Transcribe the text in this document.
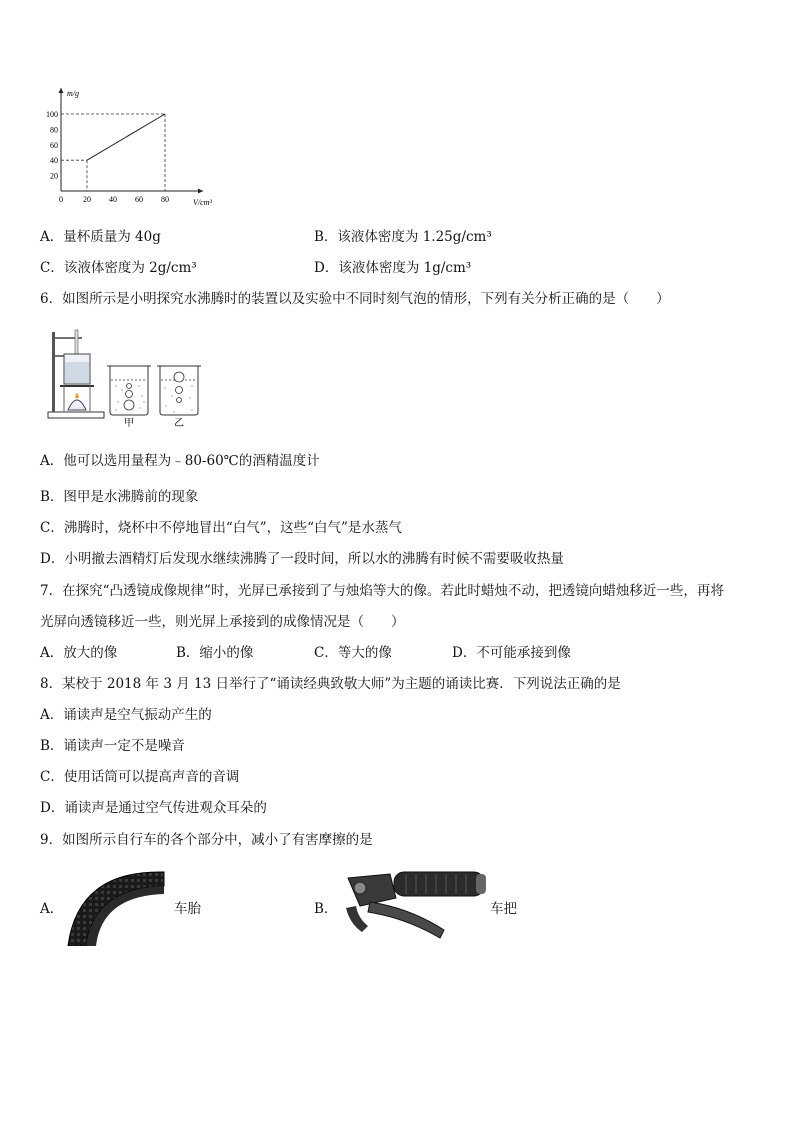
m/g
V/cm³
0	20 40 60 80
100
80
60
40
20
A．量杯质量为 40g	B．该液体密度为 1.25g/cm³
C．该液体密度为 2g/cm³	D．该液体密度为 1g/cm³
6．如图所示是小明探究水沸腾时的装置以及实验中不同时刻气泡的情形，下列有关分析正确的是（　　）
甲	乙
A．他可以选用量程为﹣80-60℃的酒精温度计
B．图甲是水沸腾前的现象
C．沸腾时，烧杯中不停地冒出“白气”，这些“白气”是水蒸气
D．小明撤去酒精灯后发现水继续沸腾了一段时间，所以水的沸腾有时候不需要吸收热量
7．在探究“凸透镜成像规律”时，光屏已承接到了与烛焰等大的像。若此时蜡烛不动，把透镜向蜡烛移近一些，再将
光屏向透镜移近一些，则光屏上承接到的成像情况是（　　）
A．放大的像	B．缩小的像	C．等大的像	D．不可能承接到像
8．某校于 2018 年 3 月 13 日举行了“诵读经典致敬大师”为主题的诵读比赛．下列说法正确的是
A．诵读声是空气振动产生的
B．诵读声一定不是噪音
C．使用话筒可以提高声音的音调
D．诵读声是通过空气传进观众耳朵的
9．如图所示自行车的各个部分中，减小了有害摩擦的是
A．	车胎	B．	车把
